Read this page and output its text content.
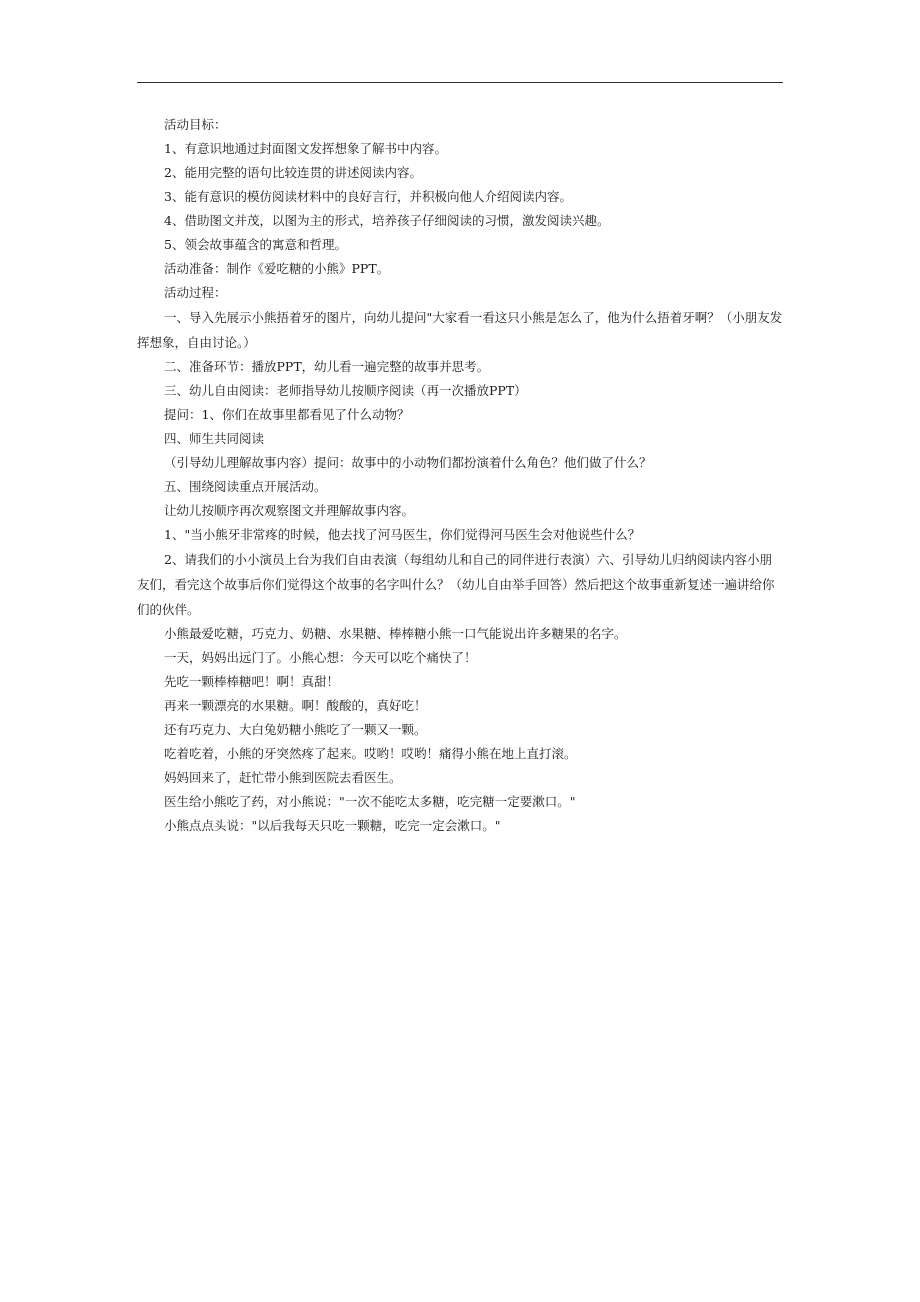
活动目标：

1、有意识地通过封面图文发挥想象了解书中内容。

2、能用完整的语句比较连贯的讲述阅读内容。

3、能有意识的模仿阅读材料中的良好言行，并积极向他人介绍阅读内容。

4、借助图文并茂，以图为主的形式，培养孩子仔细阅读的习惯，激发阅读兴趣。

5、领会故事蕴含的寓意和哲理。

活动准备：制作《爱吃糖的小熊》PPT。

活动过程：

一、导入先展示小熊捂着牙的图片，向幼儿提问"大家看一看这只小熊是怎么了，他为什么捂着牙啊？（小朋友发挥想象，自由讨论。）

二、准备环节：播放PPT，幼儿看一遍完整的故事并思考。

三、幼儿自由阅读：老师指导幼儿按顺序阅读（再一次播放PPT）

提问：1、你们在故事里都看见了什么动物？

四、师生共同阅读

（引导幼儿理解故事内容）提问：故事中的小动物们都扮演着什么角色？他们做了什么？

五、围绕阅读重点开展活动。

让幼儿按顺序再次观察图文并理解故事内容。

1、"当小熊牙非常疼的时候，他去找了河马医生，你们觉得河马医生会对他说些什么？

2、请我们的小小演员上台为我们自由表演（每组幼儿和自己的同伴进行表演）六、引导幼儿归纳阅读内容小朋友们，看完这个故事后你们觉得这个故事的名字叫什么？（幼儿自由举手回答）然后把这个故事重新复述一遍讲给你们的伙伴。

小熊最爱吃糖，巧克力、奶糖、水果糖、棒棒糖小熊一口气能说出许多糖果的名字。

一天，妈妈出远门了。小熊心想：今天可以吃个痛快了！

先吃一颗棒棒糖吧！啊！真甜！

再来一颗漂亮的水果糖。啊！酸酸的，真好吃！

还有巧克力、大白兔奶糖小熊吃了一颗又一颗。

吃着吃着，小熊的牙突然疼了起来。哎哟！哎哟！痛得小熊在地上直打滚。

妈妈回来了，赶忙带小熊到医院去看医生。

医生给小熊吃了药，对小熊说："一次不能吃太多糖，吃完糖一定要漱口。"

小熊点点头说："以后我每天只吃一颗糖，吃完一定会漱口。"
